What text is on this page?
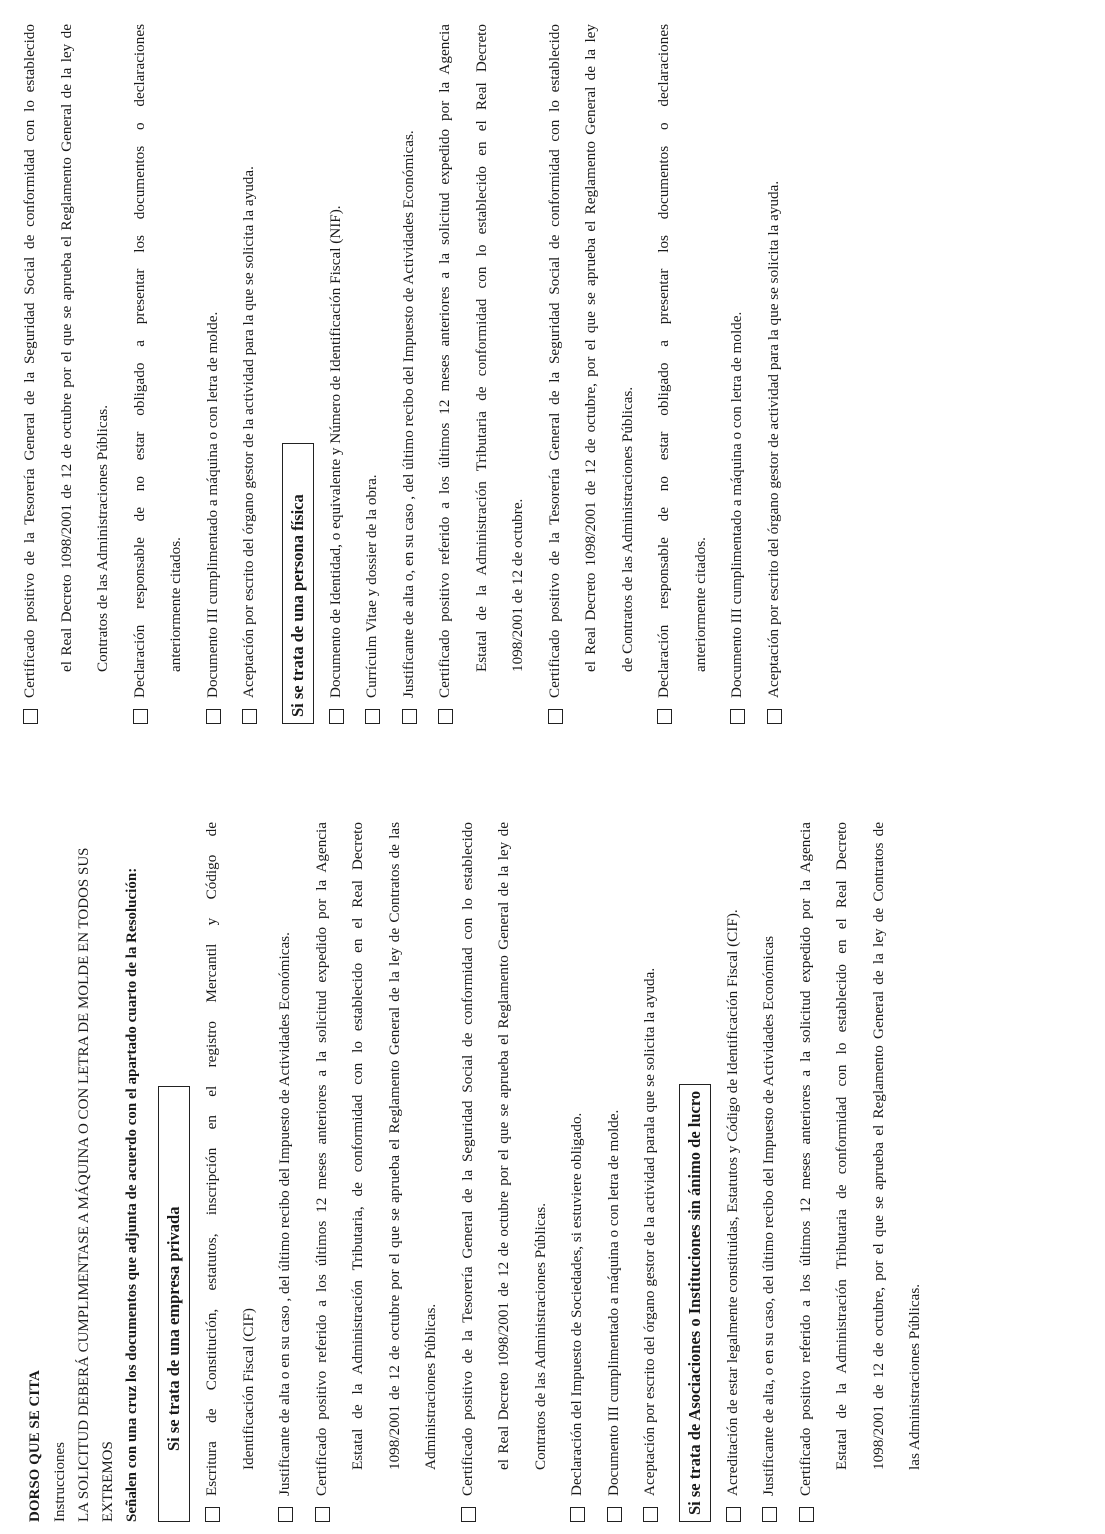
DORSO QUE SE CITA Instrucciones LA SOLICITUD DEBERÁ CUMPLIMENTASE A MÁQUINA O CON LETRA DE MOLDE EN TODOS SUS EXTREMOS Señalen con una cruz los documentos que adjunta de acuerdo con el apartado cuarto de la Resolución:	Si se trata de una empresa privada	Escritura de Constitución, estatutos, inscripción en el registro Mercantil y Código de	Identificación Fiscal (CIF)	Justificante de alta o en su caso , del último recibo del Impuesto de Actividades Económicas.	Certificado positivo referido a los últimos 12 meses anteriores a la solicitud expedido por la Agencia	Estatal de la Administración Tributaria, de conformidad con lo establecido en el Real Decreto	1098/2001 de 12 de octubre por el que se aprueba el Reglamento General de la ley de Contratos de las	Administraciones Públicas.	Certificado positivo de la Tesorería General de la Seguridad Social de conformidad con lo establecido	el Real Decreto 1098/2001 de 12 de octubre por el que se aprueba el Reglamento General de la ley de	Contratos de las Administraciones Públicas.	Declaración del Impuesto de Sociedades, si estuviere obligado.	Documento III cumplimentado a máquina o con letra de molde.	Aceptación por escrito del órgano gestor de la actividad parala que se solicita la ayuda.	Si se trata de Asociaciones o Instituciones sin ánimo de lucro	Acreditación de estar legalmente constituidas, Estatutos y Código de Identificación Fiscal (CIF).	Justificante de alta, o en su caso, del último recibo del Impuesto de Actividades Económicas	Certificado positivo referido a los últimos 12 meses anteriores a la solicitud expedido por la Agencia	Estatal de la Administración Tributaria de conformidad con lo establecido en el Real Decreto	1098/2001 de 12 de octubre, por el que se aprueba el Reglamento General de la ley de Contratos de	las Administraciones Públicas.
Certificado positivo de la Tesorería General de la Seguridad Social de conformidad con lo establecido	el Real Decreto 1098/2001 de 12 de octubre por el que se aprueba el Reglamento General de la ley de	Contratos de las Administraciones Públicas.	Declaración responsable de no estar obligado a presentar los documentos o declaraciones	anteriormente citados.	Documento III cumplimentado a máquina o con letra de molde.	Aceptación por escrito del órgano gestor de la actividad para la que se solicita la ayuda.	Si se trata de una persona física	Documento de Identidad, o equivalente y Número de Identificación Fiscal (NIF).	Currículm Vitae y dossier de la obra.	Justificante de alta o, en su caso , del último recibo del Impuesto de Actividades Económicas.	Certificado positivo referido a los últimos 12 meses anteriores a la solicitud expedido por la Agencia	Estatal de la Administración Tributaria de conformidad con lo establecido en el Real Decreto	1098/2001 de 12 de octubre.	Certificado positivo de la Tesorería General de la Seguridad Social de conformidad con lo establecido	el Real Decreto 1098/2001 de 12 de octubre, por el que se aprueba el Reglamento General de la ley	de Contratos de las Administraciones Públicas.	Declaración responsable de no estar obligado a presentar los documentos o declaraciones	anteriormente citados.	Documento III cumplimentado a máquina o con letra de molde.	Aceptación por escrito del órgano gestor de actividad para la que se solicita la ayuda.
